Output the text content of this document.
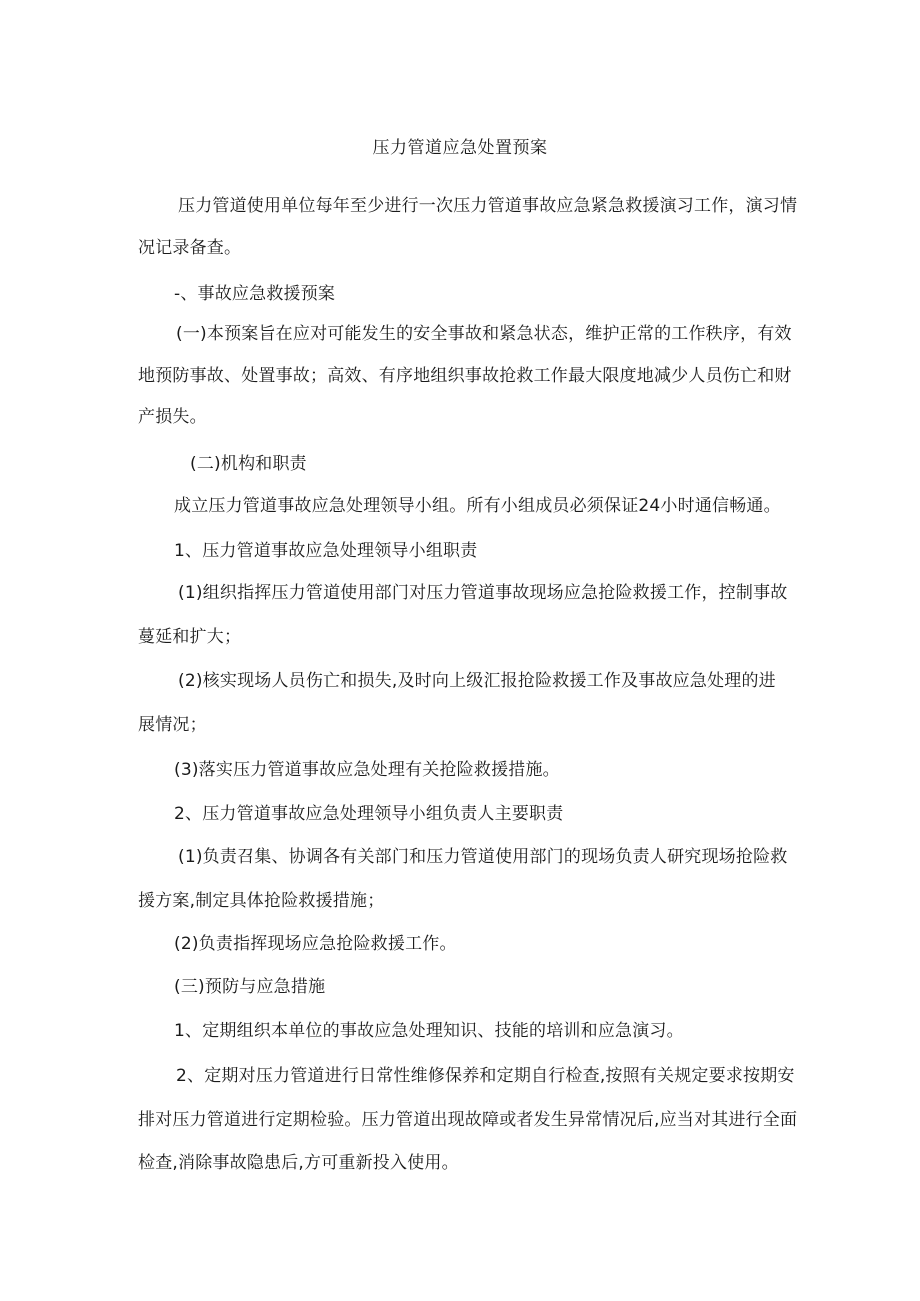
压力管道应急处置预案
压力管道使用单位每年至少进行一次压力管道事故应急紧急救援演习工作，演习情
况记录备查。
-、事故应急救援预案
(一)本预案旨在应对可能发生的安全事故和紧急状态，维护正常的工作秩序，有效
地预防事故、处置事故；高效、有序地组织事故抢救工作最大限度地减少人员伤亡和财
产损失。
(二)机构和职责
成立压力管道事故应急处理领导小组。所有小组成员必须保证24小时通信畅通。
1、压力管道事故应急处理领导小组职责
(1)组织指挥压力管道使用部门对压力管道事故现场应急抢险救援工作，控制事故
蔓延和扩大；
(2)核实现场人员伤亡和损失,及时向上级汇报抢险救援工作及事故应急处理的进
展情况；
(3)落实压力管道事故应急处理有关抢险救援措施。
2、压力管道事故应急处理领导小组负责人主要职责
(1)负责召集、协调各有关部门和压力管道使用部门的现场负责人研究现场抢险救
援方案,制定具体抢险救援措施；
(2)负责指挥现场应急抢险救援工作。
(三)预防与应急措施
1、定期组织本单位的事故应急处理知识、技能的培训和应急演习。
2、定期对压力管道进行日常性维修保养和定期自行检查,按照有关规定要求按期安
排对压力管道进行定期检验。压力管道出现故障或者发生异常情况后,应当对其进行全面
检查,消除事故隐患后,方可重新投入使用。
